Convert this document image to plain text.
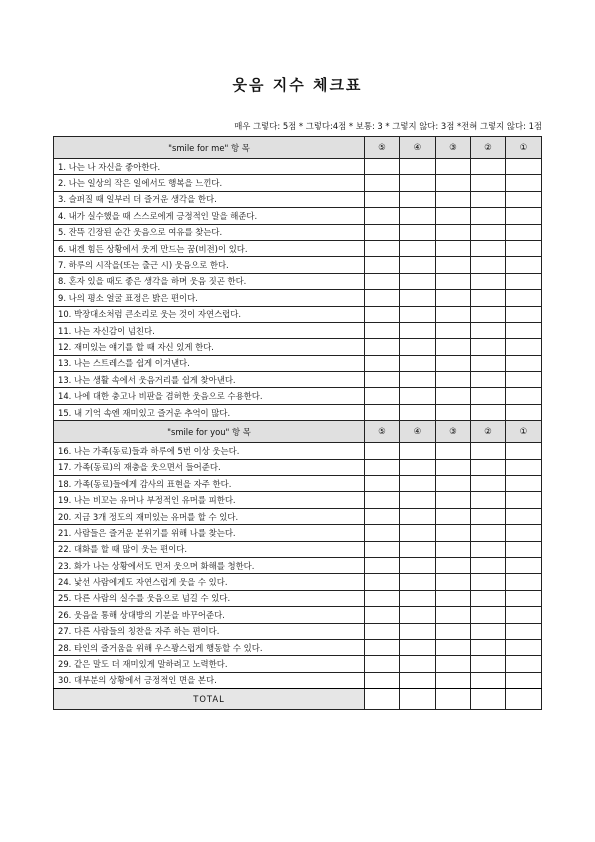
웃음 지수 체크표
매우 그렇다: 5점 * 그렇다:4점 * 보통: 3 * 그렇지 않다: 3점 *전혀 그렇지 않다: 1점
"smile for me" 항 목	⑤	④	③	②	①
1. 나는 나 자신을 좋아한다.					
2. 나는 일상의 작은 일에서도 행복을 느낀다.					
3. 슬퍼질 때 일부러 더 즐거운 생각을 한다.					
4. 내가 실수했을 때 스스로에게 긍정적인 말을 해준다.					
5. 잔뜩 긴장된 순간 웃음으로 여유를 찾는다.					
6. 내겐 힘든 상황에서 웃게 만드는 꿈(비전)이 있다.					
7. 하루의 시작을(또는 출근 시) 웃음으로 한다.					
8. 혼자 있을 때도 좋은 생각을 하며 웃음 짓곤 한다.					
9. 나의 평소 얼굴 표정은 밝은 편이다.					
10. 박장대소처럼 큰소리로 웃는 것이 자연스럽다.					
11. 나는 자신감이 넘친다.					
12. 재미있는 얘기를 할 때 자신 있게 한다.					
13. 나는 스트레스를 쉽게 이겨낸다.					
13. 나는 생활 속에서 웃음거리를 쉽게 찾아낸다.					
14. 나에 대한 충고나 비판을 겸허한 웃음으로 수용한다.					
15. 내 기억 속엔 재미있고 즐거운 추억이 많다.					
"smile for you" 항 목	⑤	④	③	②	①
16. 나는 가족(동료)들과 하루에 5번 이상 웃는다.					
17. 가족(동료)의 재충을 웃으면서 들어준다.					
18. 가족(동료)들에게 감사의 표현을 자주 한다.					
19. 나는 비꼬는 유머나 부정적인 유머를 피한다.					
20. 지금 3개 정도의 재미있는 유머를 할 수 있다.					
21. 사람들은 즐거운 분위기를 위해 나를 찾는다.					
22. 대화를 할 때 많이 웃는 편이다.					
23. 화가 나는 상황에서도 먼저 웃으며 화해를 청한다.					
24. 낯선 사람에게도 자연스럽게 웃을 수 있다.					
25. 다른 사람의 실수를 웃음으로 넘길 수 있다.					
26. 웃음을 통해 상대방의 기분을 바꾸어준다.					
27. 다른 사람들의 칭찬을 자주 하는 편이다.					
28. 타인의 즐거움을 위해 우스꽝스럽게 행동할 수 있다.					
29. 같은 말도 더 재미있게 말하려고 노력한다.					
30. 대부분의 상황에서 긍정적인 면을 본다.					
TOTAL					
